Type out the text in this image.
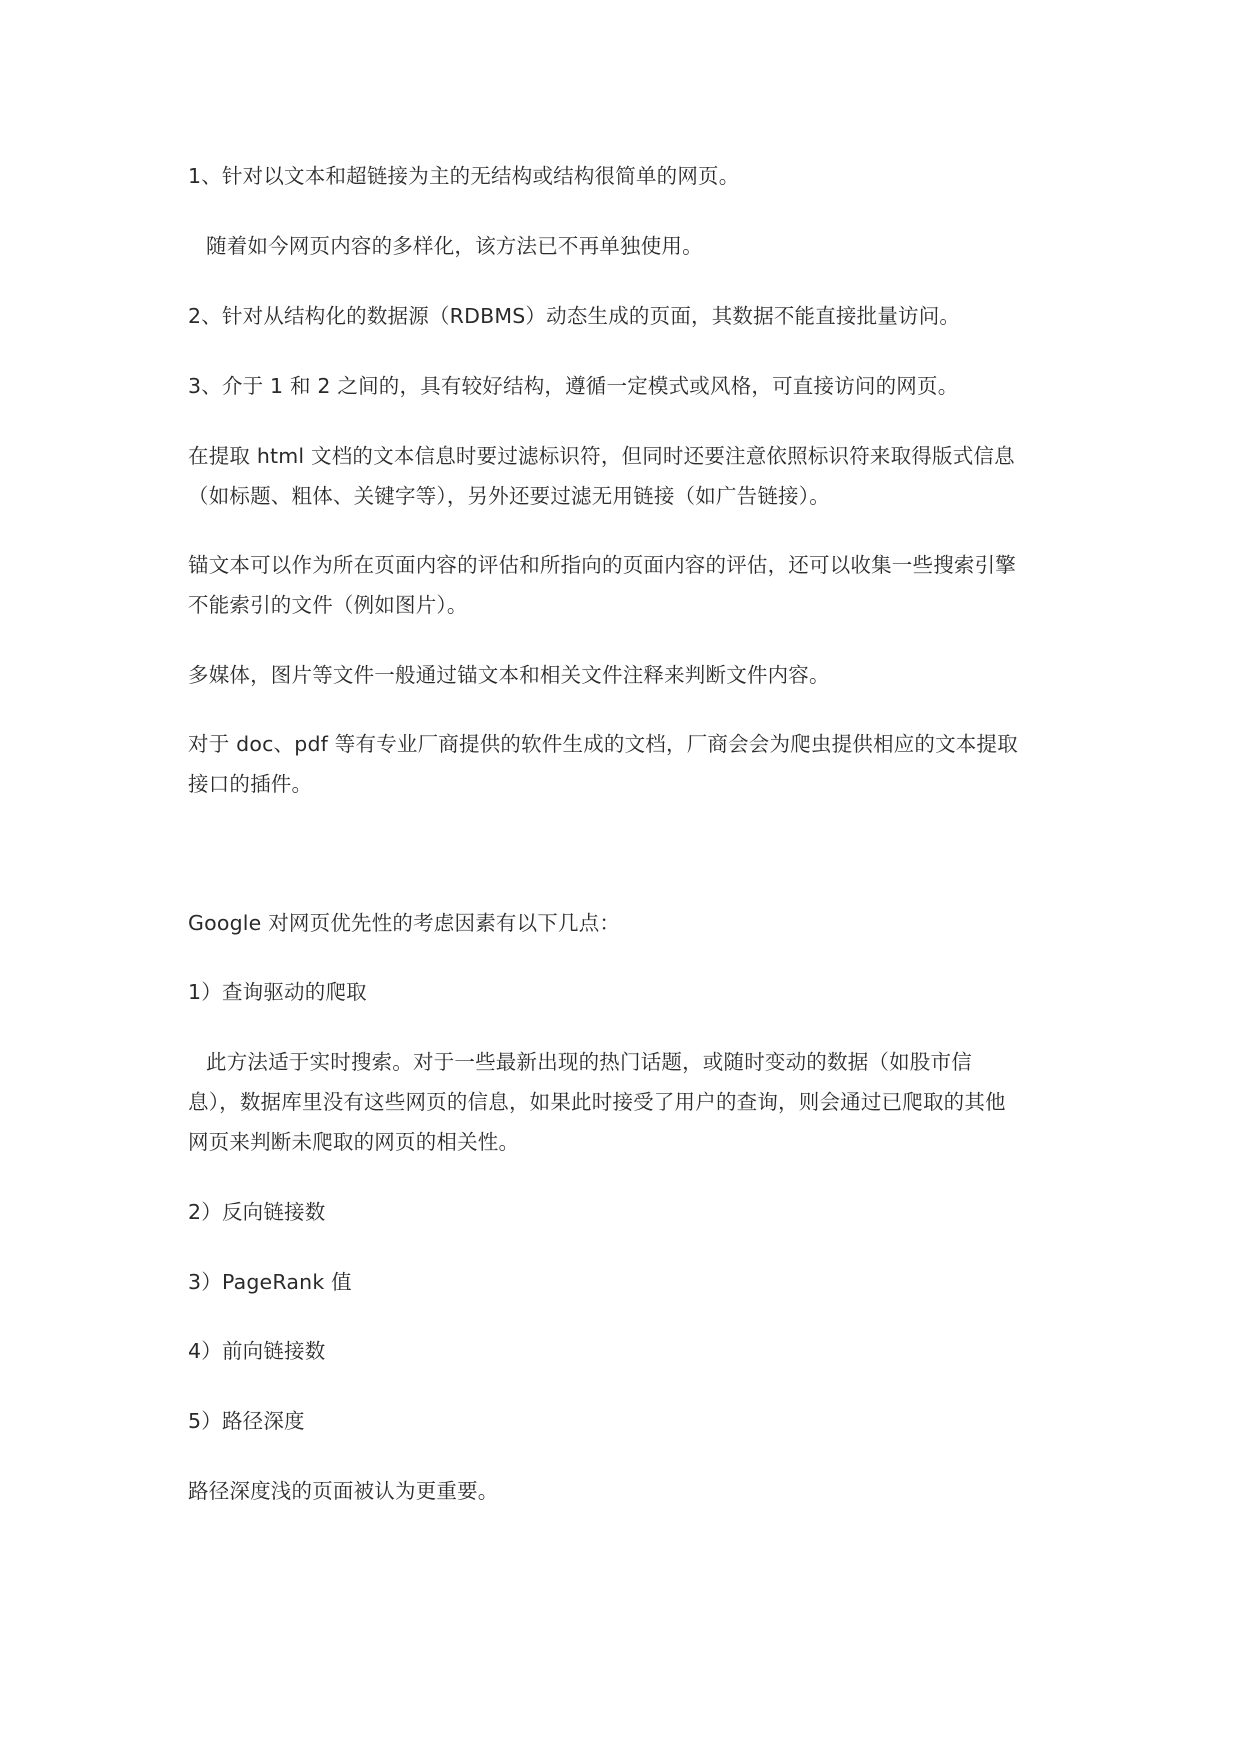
1、针对以文本和超链接为主的无结构或结构很简单的网页。
随着如今网页内容的多样化，该方法已不再单独使用。
2、针对从结构化的数据源（RDBMS）动态生成的页面，其数据不能直接批量访问。
3、介于 1 和 2 之间的，具有较好结构，遵循一定模式或风格，可直接访问的网页。
在提取 html 文档的文本信息时要过滤标识符，但同时还要注意依照标识符来取得版式信息
（如标题、粗体、关键字等），另外还要过滤无用链接（如广告链接）。
锚文本可以作为所在页面内容的评估和所指向的页面内容的评估，还可以收集一些搜索引擎
不能索引的文件（例如图片）。
多媒体，图片等文件一般通过锚文本和相关文件注释来判断文件内容。
对于 doc、pdf 等有专业厂商提供的软件生成的文档，厂商会会为爬虫提供相应的文本提取
接口的插件。
Google 对网页优先性的考虑因素有以下几点：
1）查询驱动的爬取
此方法适于实时搜索。对于一些最新出现的热门话题，或随时变动的数据（如股市信
息），数据库里没有这些网页的信息，如果此时接受了用户的查询，则会通过已爬取的其他
网页来判断未爬取的网页的相关性。
2）反向链接数
3）PageRank 值
4）前向链接数
5）路径深度
路径深度浅的页面被认为更重要。
